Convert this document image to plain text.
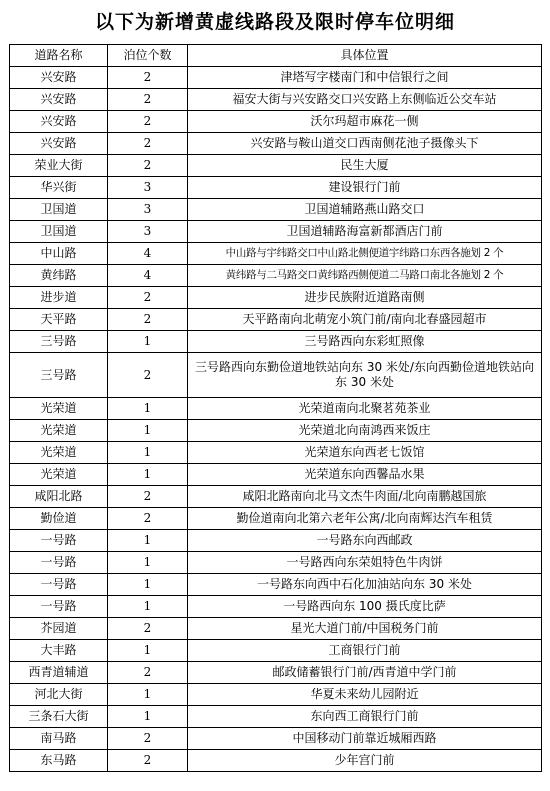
以下为新增黄虚线路段及限时停车位明细
道路名称	泊位个数	具体位置
兴安路	2	津塔写字楼南门和中信银行之间
兴安路	2	福安大街与兴安路交口兴安路上东侧临近公交车站
兴安路	2	沃尔玛超市麻花一侧
兴安路	2	兴安路与鞍山道交口西南侧花池子摄像头下
荣业大街	2	民生大厦
华兴街	3	建设银行门前
卫国道	3	卫国道辅路燕山路交口
卫国道	3	卫国道辅路海富新都酒店门前
中山路	4	中山路与宇纬路交口中山路北侧便道宇纬路口东西各施划 2 个
黄纬路	4	黄纬路与二马路交口黄纬路西侧便道二马路口南北各施划 2 个
进步道	2	进步民族附近道路南侧
天平路	2	天平路南向北萌宠小筑门前/南向北春盛园超市
三号路	1	三号路西向东彩虹照像
三号路	2	三号路西向东勤俭道地铁站向东 30 米处/东向西勤俭道地铁站向东 30 米处
光荣道	1	光荣道南向北聚茗苑茶业
光荣道	1	光荣道北向南鸿西来饭庄
光荣道	1	光荣道东向西老七饭馆
光荣道	1	光荣道东向西馨品水果
咸阳北路	2	咸阳北路南向北马文杰牛肉面/北向南鹏越国旅
勤俭道	2	勤俭道南向北第六老年公寓/北向南辉达汽车租赁
一号路	1	一号路东向西邮政
一号路	1	一号路西向东荣姐特色牛肉饼
一号路	1	一号路东向西中石化加油站向东 30 米处
一号路	1	一号路西向东 100 摄氏度比萨
芥园道	2	星光大道门前/中国税务门前
大丰路	1	工商银行门前
西青道辅道	2	邮政储蓄银行门前/西青道中学门前
河北大街	1	华夏未来幼儿园附近
三条石大街	1	东向西工商银行门前
南马路	2	中国移动门前靠近城厢西路
东马路	2	少年宫门前
